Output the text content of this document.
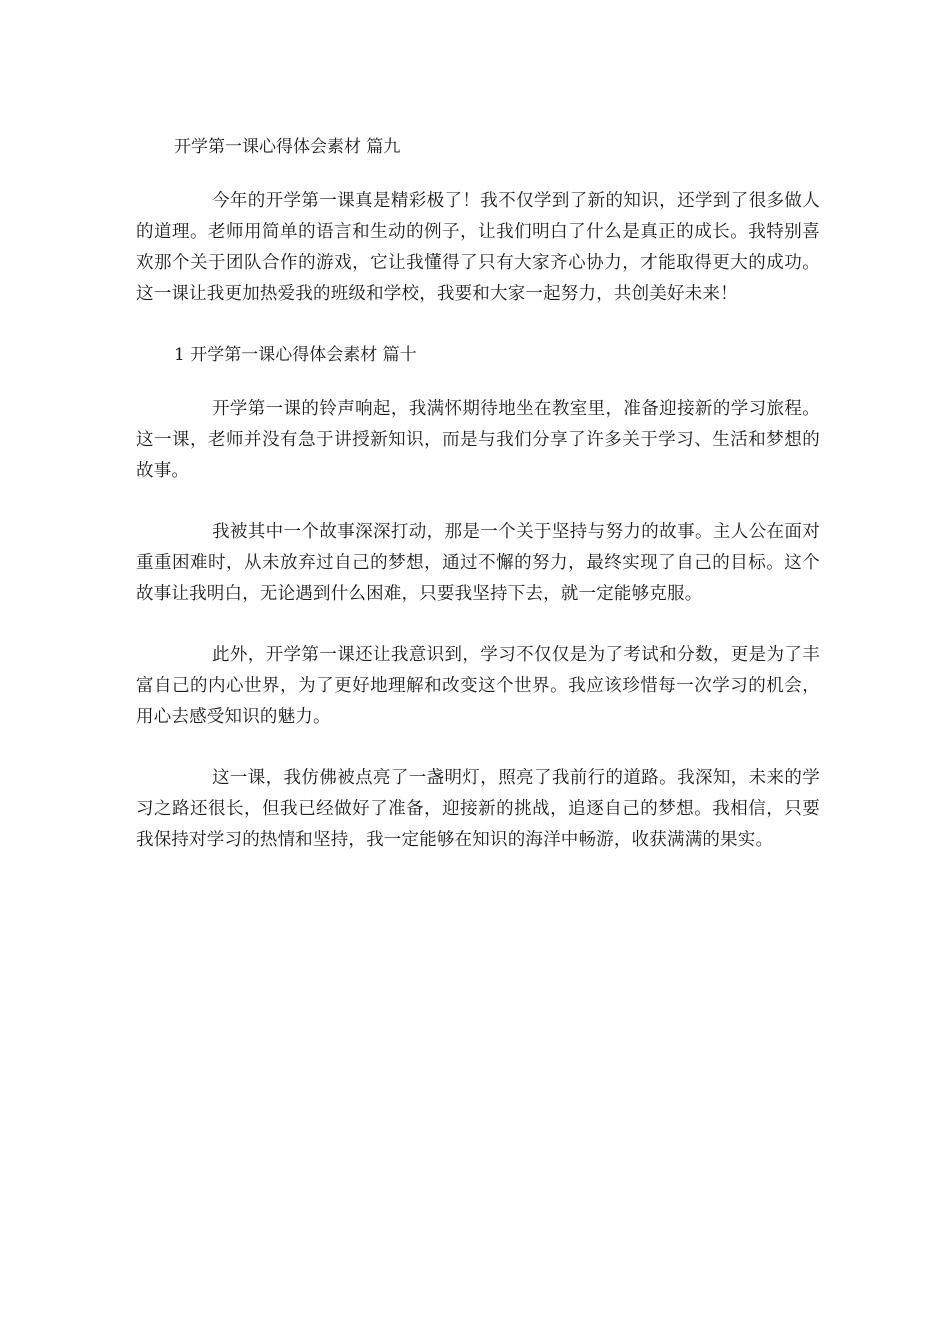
开学第一课心得体会素材 篇九

今年的开学第一课真是精彩极了！我不仅学到了新的知识，还学到了很多做人的道理。老师用简单的语言和生动的例子，让我们明白了什么是真正的成长。我特别喜欢那个关于团队合作的游戏，它让我懂得了只有大家齐心协力，才能取得更大的成功。这一课让我更加热爱我的班级和学校，我要和大家一起努力，共创美好未来！

1 开学第一课心得体会素材 篇十

开学第一课的铃声响起，我满怀期待地坐在教室里，准备迎接新的学习旅程。这一课，老师并没有急于讲授新知识，而是与我们分享了许多关于学习、生活和梦想的故事。

我被其中一个故事深深打动，那是一个关于坚持与努力的故事。主人公在面对重重困难时，从未放弃过自己的梦想，通过不懈的努力，最终实现了自己的目标。这个故事让我明白，无论遇到什么困难，只要我坚持下去，就一定能够克服。

此外，开学第一课还让我意识到，学习不仅仅是为了考试和分数，更是为了丰富自己的内心世界，为了更好地理解和改变这个世界。我应该珍惜每一次学习的机会，用心去感受知识的魅力。

这一课，我仿佛被点亮了一盏明灯，照亮了我前行的道路。我深知，未来的学习之路还很长，但我已经做好了准备，迎接新的挑战，追逐自己的梦想。我相信，只要我保持对学习的热情和坚持，我一定能够在知识的海洋中畅游，收获满满的果实。
